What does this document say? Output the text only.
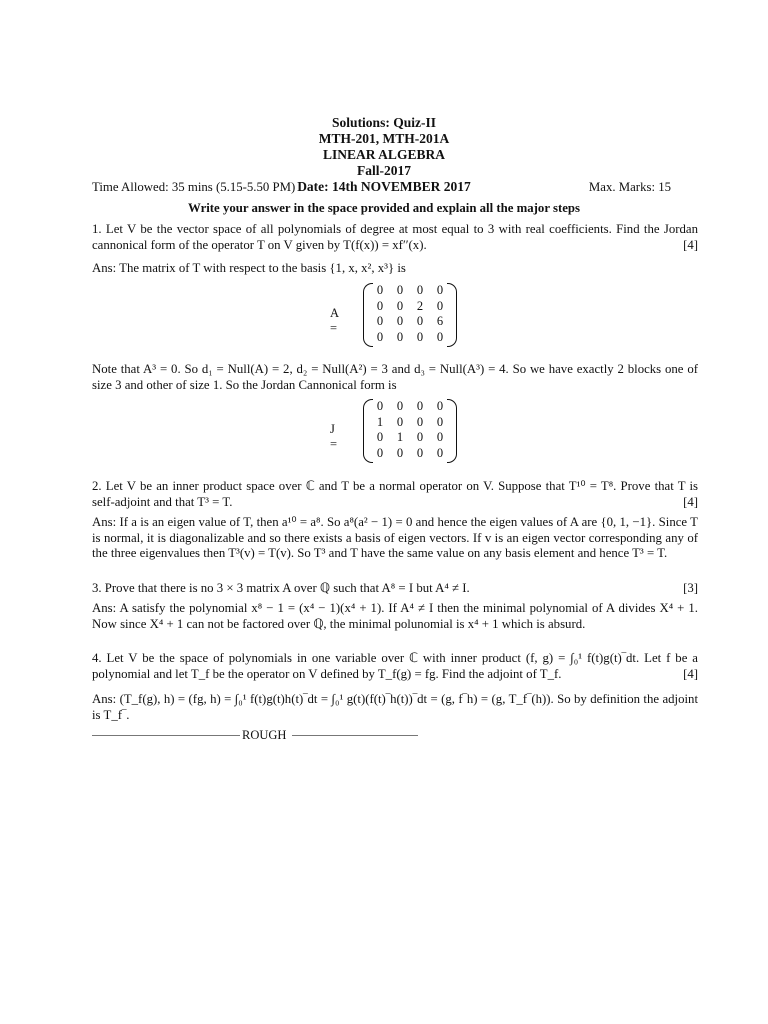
Solutions: Quiz-II
MTH-201, MTH-201A
LINEAR ALGEBRA
Fall-2017
Date: 14th NOVEMBER 2017
Time Allowed: 35 mins (5.15-5.50 PM)	Max. Marks: 15
Write your answer in the space provided and explain all the major steps
1. Let V be the vector space of all polynomials of degree at most equal to 3 with real coefficients. Find the Jordan cannonical form of the operator T on V given by T(f(x)) = xf′′(x).	[4]
Ans: The matrix of T with respect to the basis {1, x, x², x³} is
A =
0	0	0	0
0	0	2	0
0	0	0	6
0	0	0	0
Note that A³ = 0. So d₁ = Null(A) = 2, d₂ = Null(A²) = 3 and d₃ = Null(A³) = 4. So we have exactly 2 blocks one of size 3 and other of size 1. So the Jordan Cannonical form is
J =
0	0	0	0
1	0	0	0
0	1	0	0
0	0	0	0
2. Let V be an inner product space over ℂ and T be a normal operator on V. Suppose that T¹⁰ = T⁸. Prove that T is self-adjoint and that T³ = T.	[4]
Ans: If a is an eigen value of T, then a¹⁰ = a⁸. So a⁸(a² − 1) = 0 and hence the eigen values of A are {0, 1, −1}. Since T is normal, it is diagonalizable and so there exists a basis of eigen vectors. If v is an eigen vector corresponding any of the three eigenvalues then T³(v) = T(v). So T³ and T have the same value on any basis element and hence T³ = T.
3. Prove that there is no 3 × 3 matrix A over ℚ such that A⁸ = I but A⁴ ≠ I.	[3]
Ans: A satisfy the polynomial x⁸ − 1 = (x⁴ − 1)(x⁴ + 1). If A⁴ ≠ I then the minimal polynomial of A divides X⁴ + 1. Now since X⁴ + 1 can not be factored over ℚ, the minimal polunomial is x⁴ + 1 which is absurd.
4. Let V be the space of polynomials in one variable over ℂ with inner product (f, g) = ∫₀¹ f(t)g(t)‾dt. Let f be a polynomial and let T_f be the operator on V defined by T_f(g) = fg. Find the adjoint of T_f.	[4]
Ans: (T_f(g), h) = (fg, h) = ∫₀¹ f(t)g(t)h(t)‾dt = ∫₀¹ g(t)(f(t)‾h(t))‾dt = (g, f‾h) = (g, T_f‾(h)). So by definition the adjoint is T_f‾.
ROUGH
